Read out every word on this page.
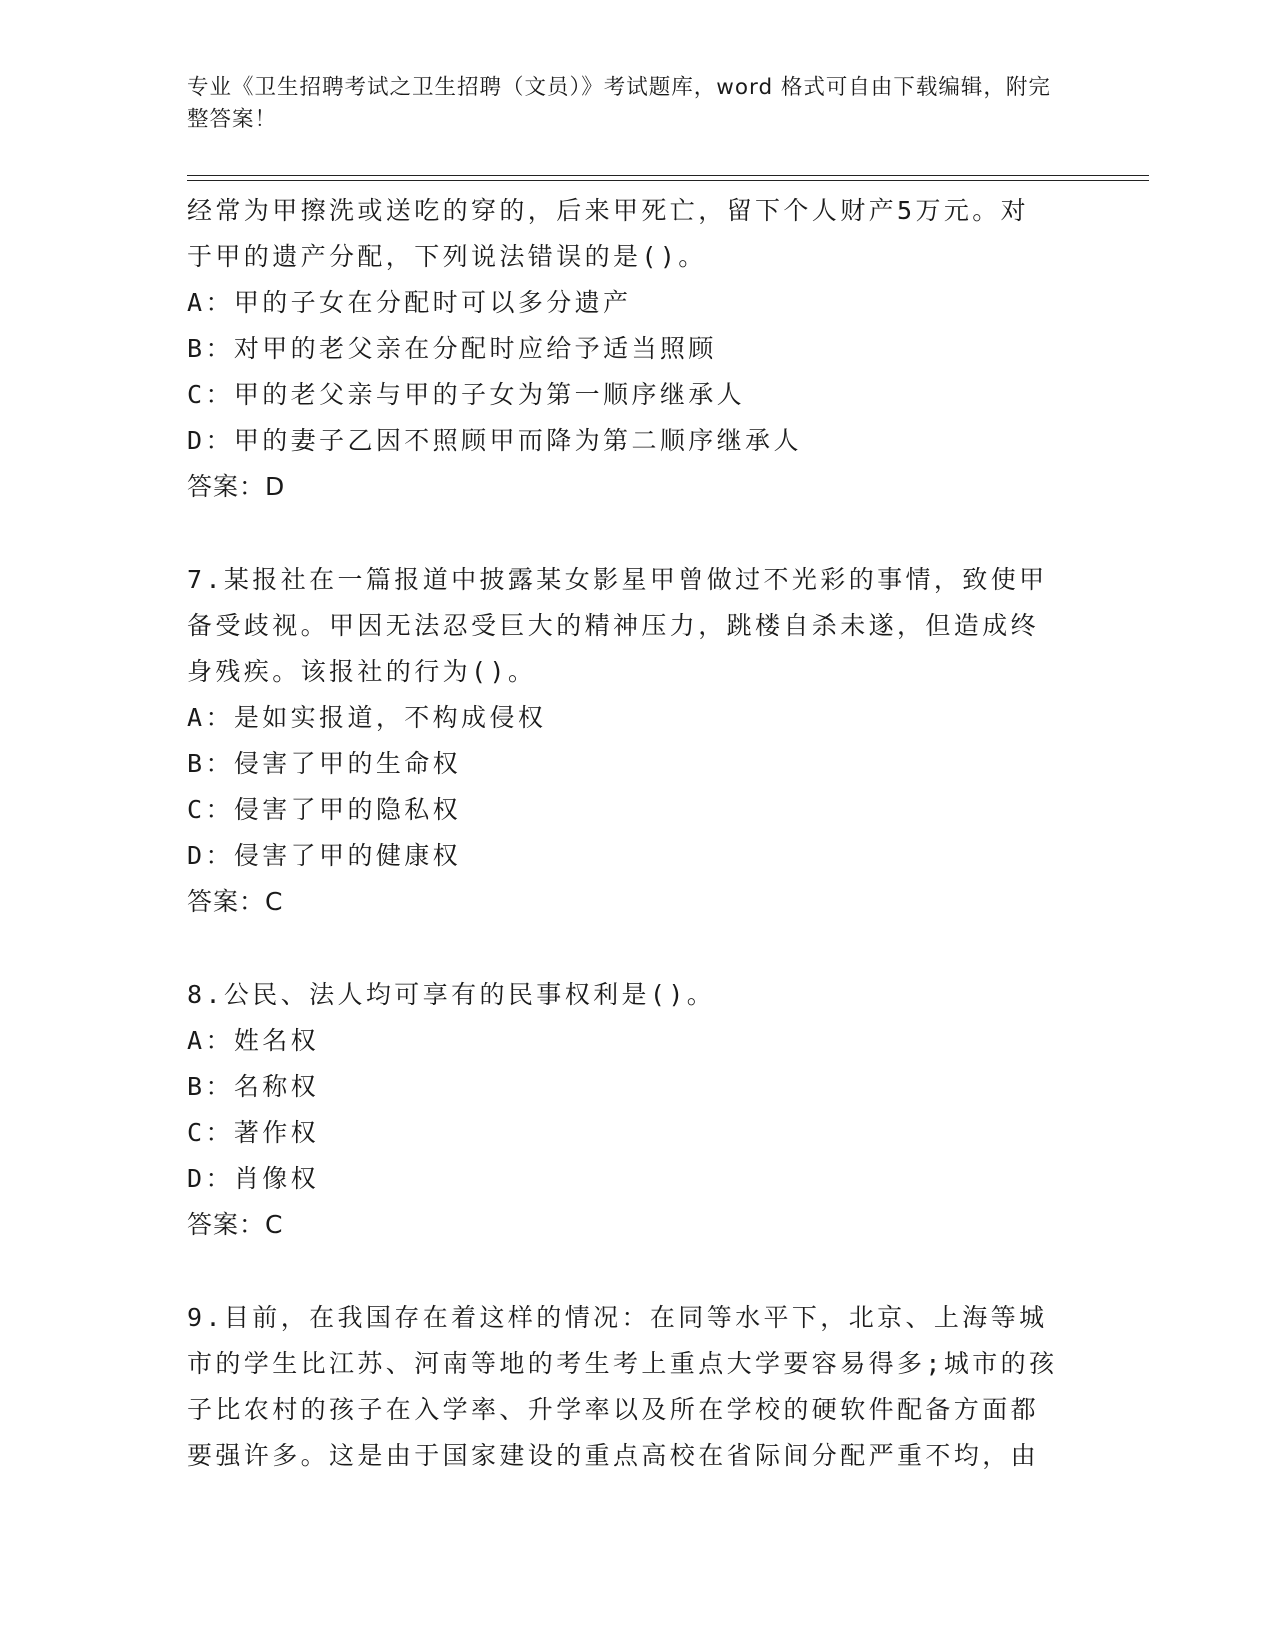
专业《卫生招聘考试之卫生招聘（文员）》考试题库，word 格式可自由下载编辑，附完整答案！
经常为甲擦洗或送吃的穿的，后来甲死亡，留下个人财产5万元。对
于甲的遗产分配，下列说法错误的是()。
A：甲的子女在分配时可以多分遗产
B：对甲的老父亲在分配时应给予适当照顾
C：甲的老父亲与甲的子女为第一顺序继承人
D：甲的妻子乙因不照顾甲而降为第二顺序继承人
答案：D
7.某报社在一篇报道中披露某女影星甲曾做过不光彩的事情，致使甲
备受歧视。甲因无法忍受巨大的精神压力，跳楼自杀未遂，但造成终
身残疾。该报社的行为()。
A：是如实报道，不构成侵权
B：侵害了甲的生命权
C：侵害了甲的隐私权
D：侵害了甲的健康权
答案：C
8.公民、法人均可享有的民事权利是()。
A：姓名权
B：名称权
C：著作权
D：肖像权
答案：C
9.目前，在我国存在着这样的情况：在同等水平下，北京、上海等城
市的学生比江苏、河南等地的考生考上重点大学要容易得多;城市的孩
子比农村的孩子在入学率、升学率以及所在学校的硬软件配备方面都
要强许多。这是由于国家建设的重点高校在省际间分配严重不均，由
